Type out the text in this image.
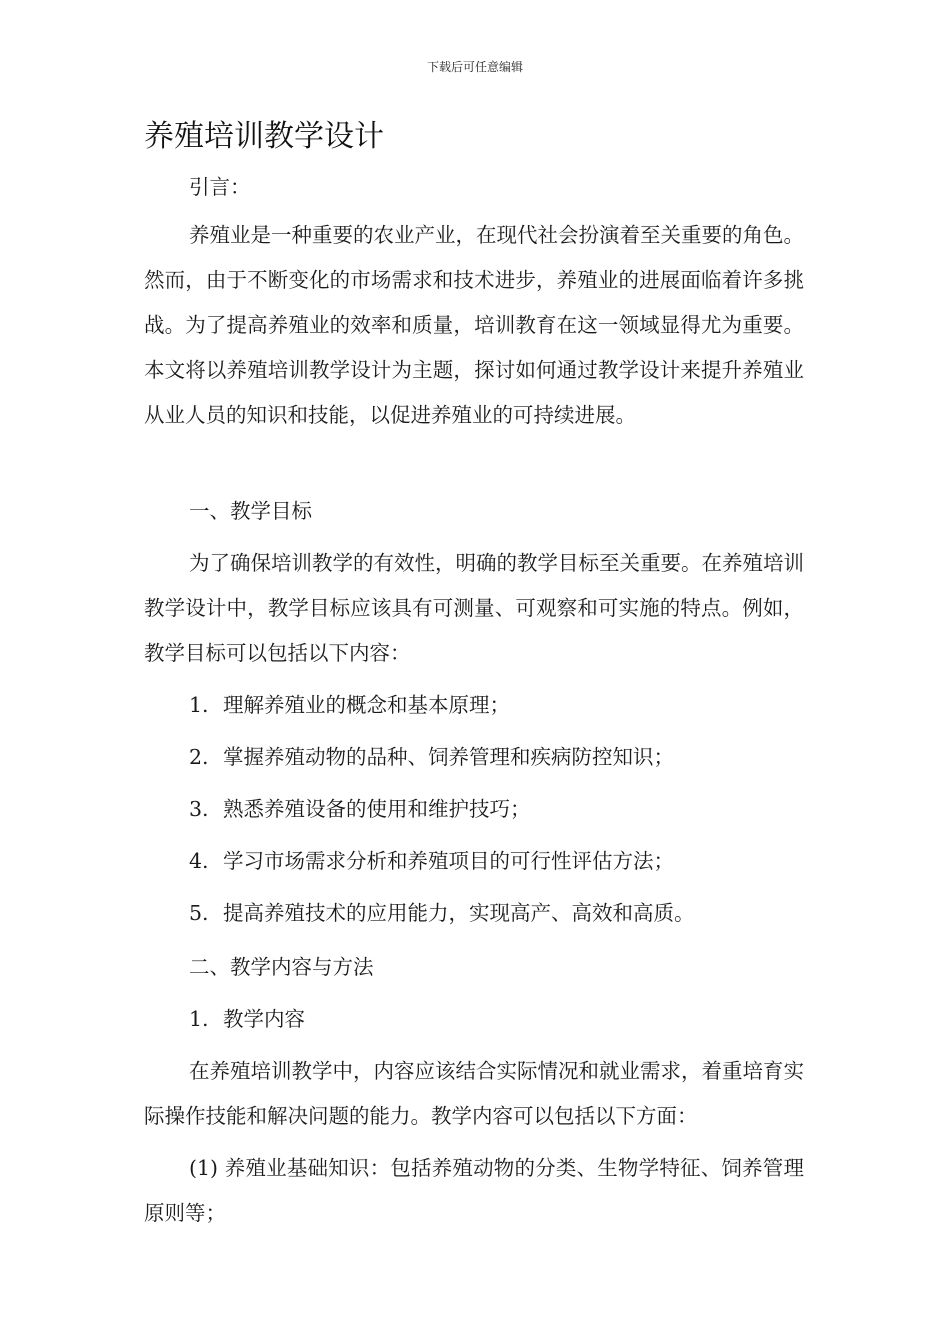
下载后可任意编辑
养殖培训教学设计

引言：

养殖业是一种重要的农业产业，在现代社会扮演着至关重要的角色。然而，由于不断变化的市场需求和技术进步，养殖业的进展面临着许多挑战。为了提高养殖业的效率和质量，培训教育在这一领域显得尤为重要。本文将以养殖培训教学设计为主题，探讨如何通过教学设计来提升养殖业从业人员的知识和技能，以促进养殖业的可持续进展。

一、教学目标

为了确保培训教学的有效性，明确的教学目标至关重要。在养殖培训教学设计中，教学目标应该具有可测量、可观察和可实施的特点。例如，教学目标可以包括以下内容：

1. 理解养殖业的概念和基本原理；

2. 掌握养殖动物的品种、饲养管理和疾病防控知识；

3. 熟悉养殖设备的使用和维护技巧；

4. 学习市场需求分析和养殖项目的可行性评估方法；

5. 提高养殖技术的应用能力，实现高产、高效和高质。

二、教学内容与方法

1. 教学内容

在养殖培训教学中，内容应该结合实际情况和就业需求，着重培育实际操作技能和解决问题的能力。教学内容可以包括以下方面：

(1) 养殖业基础知识：包括养殖动物的分类、生物学特征、饲养管理原则等；
